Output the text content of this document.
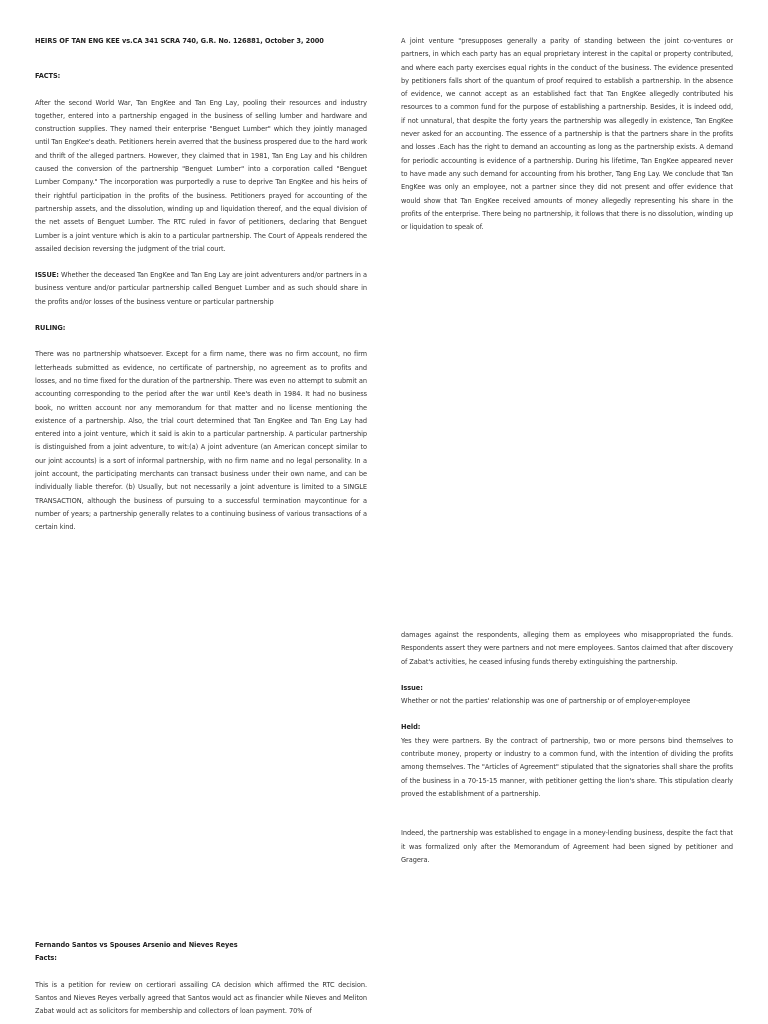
HEIRS OF TAN ENG KEE vs.CA 341 SCRA 740, G.R. No. 126881, October 3, 2000

FACTS:

After the second World War, Tan EngKee and Tan Eng Lay, pooling their resources and industry together, entered into a partnership engaged in the business of selling lumber and hardware and construction supplies. They named their enterprise "Benguet Lumber" which they jointly managed until Tan EngKee's death. Petitioners herein averred that the business prospered due to the hard work and thrift of the alleged partners. However, they claimed that in 1981, Tan Eng Lay and his children caused the conversion of the partnership "Benguet Lumber" into a corporation called "Benguet Lumber Company." The incorporation was purportedly a ruse to deprive Tan EngKee and his heirs of their rightful participation in the profits of the business. Petitioners prayed for accounting of the partnership assets, and the dissolution, winding up and liquidation thereof, and the equal division of the net assets of Benguet Lumber. The RTC ruled in favor of petitioners, declaring that Benguet Lumber is a joint venture which is akin to a particular partnership. The Court of Appeals rendered the assailed decision reversing the judgment of the trial court.

ISSUE: Whether the deceased Tan EngKee and Tan Eng Lay are joint adventurers and/or partners in a business venture and/or particular partnership called Benguet Lumber and as such should share in the profits and/or losses of the business venture or particular partnership

RULING:

There was no partnership whatsoever. Except for a firm name, there was no firm account, no firm letterheads submitted as evidence, no certificate of partnership, no agreement as to profits and losses, and no time fixed for the duration of the partnership. There was even no attempt to submit an accounting corresponding to the period after the war until Kee's death in 1984. It had no business book, no written account nor any memorandum for that matter and no license mentioning the existence of a partnership. Also, the trial court determined that Tan EngKee and Tan Eng Lay had entered into a joint venture, which it said is akin to a particular partnership. A particular partnership is distinguished from a joint adventure, to wit:(a) A joint adventure (an American concept similar to our joint accounts) is a sort of informal partnership, with no firm name and no legal personality. In a joint account, the participating merchants can transact business under their own name, and can be individually liable therefor. (b) Usually, but not necessarily a joint adventure is limited to a SINGLE TRANSACTION, although the business of pursuing to a successful termination maycontinue for a number of years; a partnership generally relates to a continuing business of various transactions of a certain kind.

A joint venture "presupposes generally a parity of standing between the joint co-ventures or partners, in which each party has an equal proprietary interest in the capital or property contributed, and where each party exercises equal rights in the conduct of the business. The evidence presented by petitioners falls short of the quantum of proof required to establish a partnership. In the absence of evidence, we cannot accept as an established fact that Tan EngKee allegedly contributed his resources to a common fund for the purpose of establishing a partnership. Besides, it is indeed odd, if not unnatural, that despite the forty years the partnership was allegedly in existence, Tan EngKee never asked for an accounting. The essence of a partnership is that the partners share in the profits and losses .Each has the right to demand an accounting as long as the partnership exists. A demand for periodic accounting is evidence of a partnership. During his lifetime, Tan EngKee appeared never to have made any such demand for accounting from his brother, Tang Eng Lay. We conclude that Tan EngKee was only an employee, not a partner since they did not present and offer evidence that would show that Tan EngKee received amounts of money allegedly representing his share in the profits of the enterprise. There being no partnership, it follows that there is no dissolution, winding up or liquidation to speak of.

damages against the respondents, alleging them as employees who misappropriated the funds. Respondents assert they were partners and not mere employees. Santos claimed that after discovery of Zabat's activities, he ceased infusing funds thereby extinguishing the partnership.

Issue:

Whether or not the parties' relationship was one of partnership or of employer-employee

Held:

Yes they were partners. By the contract of partnership, two or more persons bind themselves to contribute money, property or industry to a common fund, with the intention of dividing the profits among themselves. The "Articles of Agreement" stipulated that the signatories shall share the profits of the business in a 70-15-15 manner, with petitioner getting the lion's share. This stipulation clearly proved the establishment of a partnership.

Indeed, the partnership was established to engage in a money-lending business, despite the fact that it was formalized only after the Memorandum of Agreement had been signed by petitioner and Gragera.

Fernando Santos vs Spouses Arsenio and Nieves Reyes

Facts:

This is a petition for review on certiorari assailing CA decision which affirmed the RTC decision. Santos and Nieves Reyes verbally agreed that Santos would act as financier while Nieves and Meliton Zabat would act as solicitors for membership and collectors of loan payment. 70% of
